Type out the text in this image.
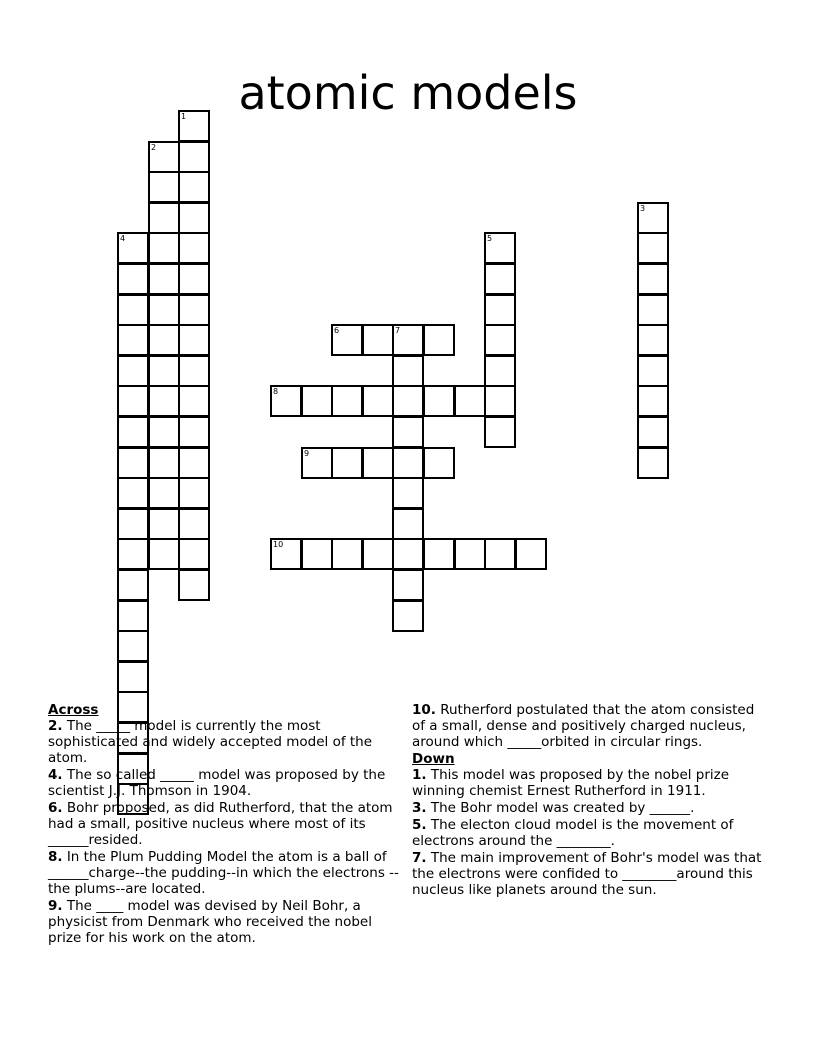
atomic models
2
4
3
6	7
8
9
10
5
1
Across

2. The _____ model is currently the most sophisticated and widely accepted model of the atom.

4. The so called _____ model was proposed by the scientist J.J. Thomson in 1904.

6. Bohr proposed, as did Rutherford, that the atom had a small, positive nucleus where most of its ______resided.

8. In the Plum Pudding Model the atom is a ball of ______charge--the pudding--in which the electrons --the plums--are located.

9. The ____ model was devised by Neil Bohr, a physicist from Denmark who received the nobel prize for his work on the atom.

10. Rutherford postulated that the atom consisted of a small, dense and positively charged nucleus, around which _____orbited in circular rings.

Down

1. This model was proposed by the nobel prize winning chemist Ernest Rutherford in 1911.

3. The Bohr model was created by ______.

5. The electon cloud model is the movement of electrons around the ________.

7. The main improvement of Bohr's model was that the electrons were confided to ________around this nucleus like planets around the sun.
